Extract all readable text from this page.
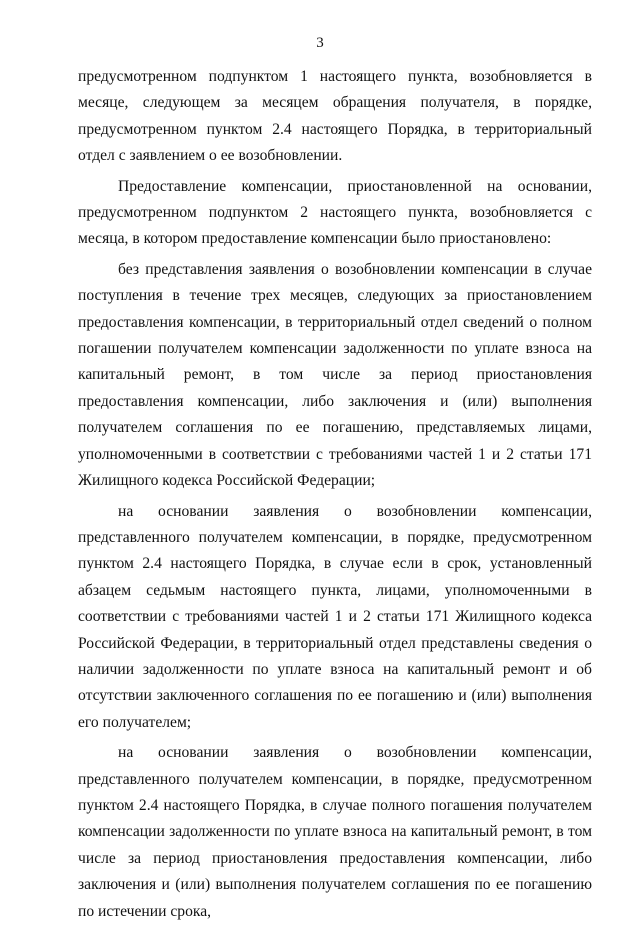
3

предусмотренном подпунктом 1 настоящего пункта, возобновляется в месяце, следующем за месяцем обращения получателя, в порядке, предусмотренном пунктом 2.4 настоящего Порядка, в территориальный отдел с заявлением о ее возобновлении.

Предоставление компенсации, приостановленной на основании, предусмотренном подпунктом 2 настоящего пункта, возобновляется с месяца, в котором предоставление компенсации было приостановлено:

без представления заявления о возобновлении компенсации в случае поступления в течение трех месяцев, следующих за приостановлением предоставления компенсации, в территориальный отдел сведений о полном погашении получателем компенсации задолженности по уплате взноса на капитальный ремонт, в том числе за период приостановления предоставления компенсации, либо заключения и (или) выполнения получателем соглашения по ее погашению, представляемых лицами, уполномоченными в соответствии с требованиями частей 1 и 2 статьи 171 Жилищного кодекса Российской Федерации;

на основании заявления о возобновлении компенсации, представленного получателем компенсации, в порядке, предусмотренном пунктом 2.4 настоящего Порядка, в случае если в срок, установленный абзацем седьмым настоящего пункта, лицами, уполномоченными в соответствии с требованиями частей 1 и 2 статьи 171 Жилищного кодекса Российской Федерации, в территориальный отдел представлены сведения о наличии задолженности по уплате взноса на капитальный ремонт и об отсутствии заключенного соглашения по ее погашению и (или) выполнения его получателем;

на основании заявления о возобновлении компенсации, представленного получателем компенсации, в порядке, предусмотренном пунктом 2.4 настоящего Порядка, в случае полного погашения получателем компенсации задолженности по уплате взноса на капитальный ремонт, в том числе за период приостановления предоставления компенсации, либо заключения и (или) выполнения получателем соглашения по ее погашению по истечении срока,
